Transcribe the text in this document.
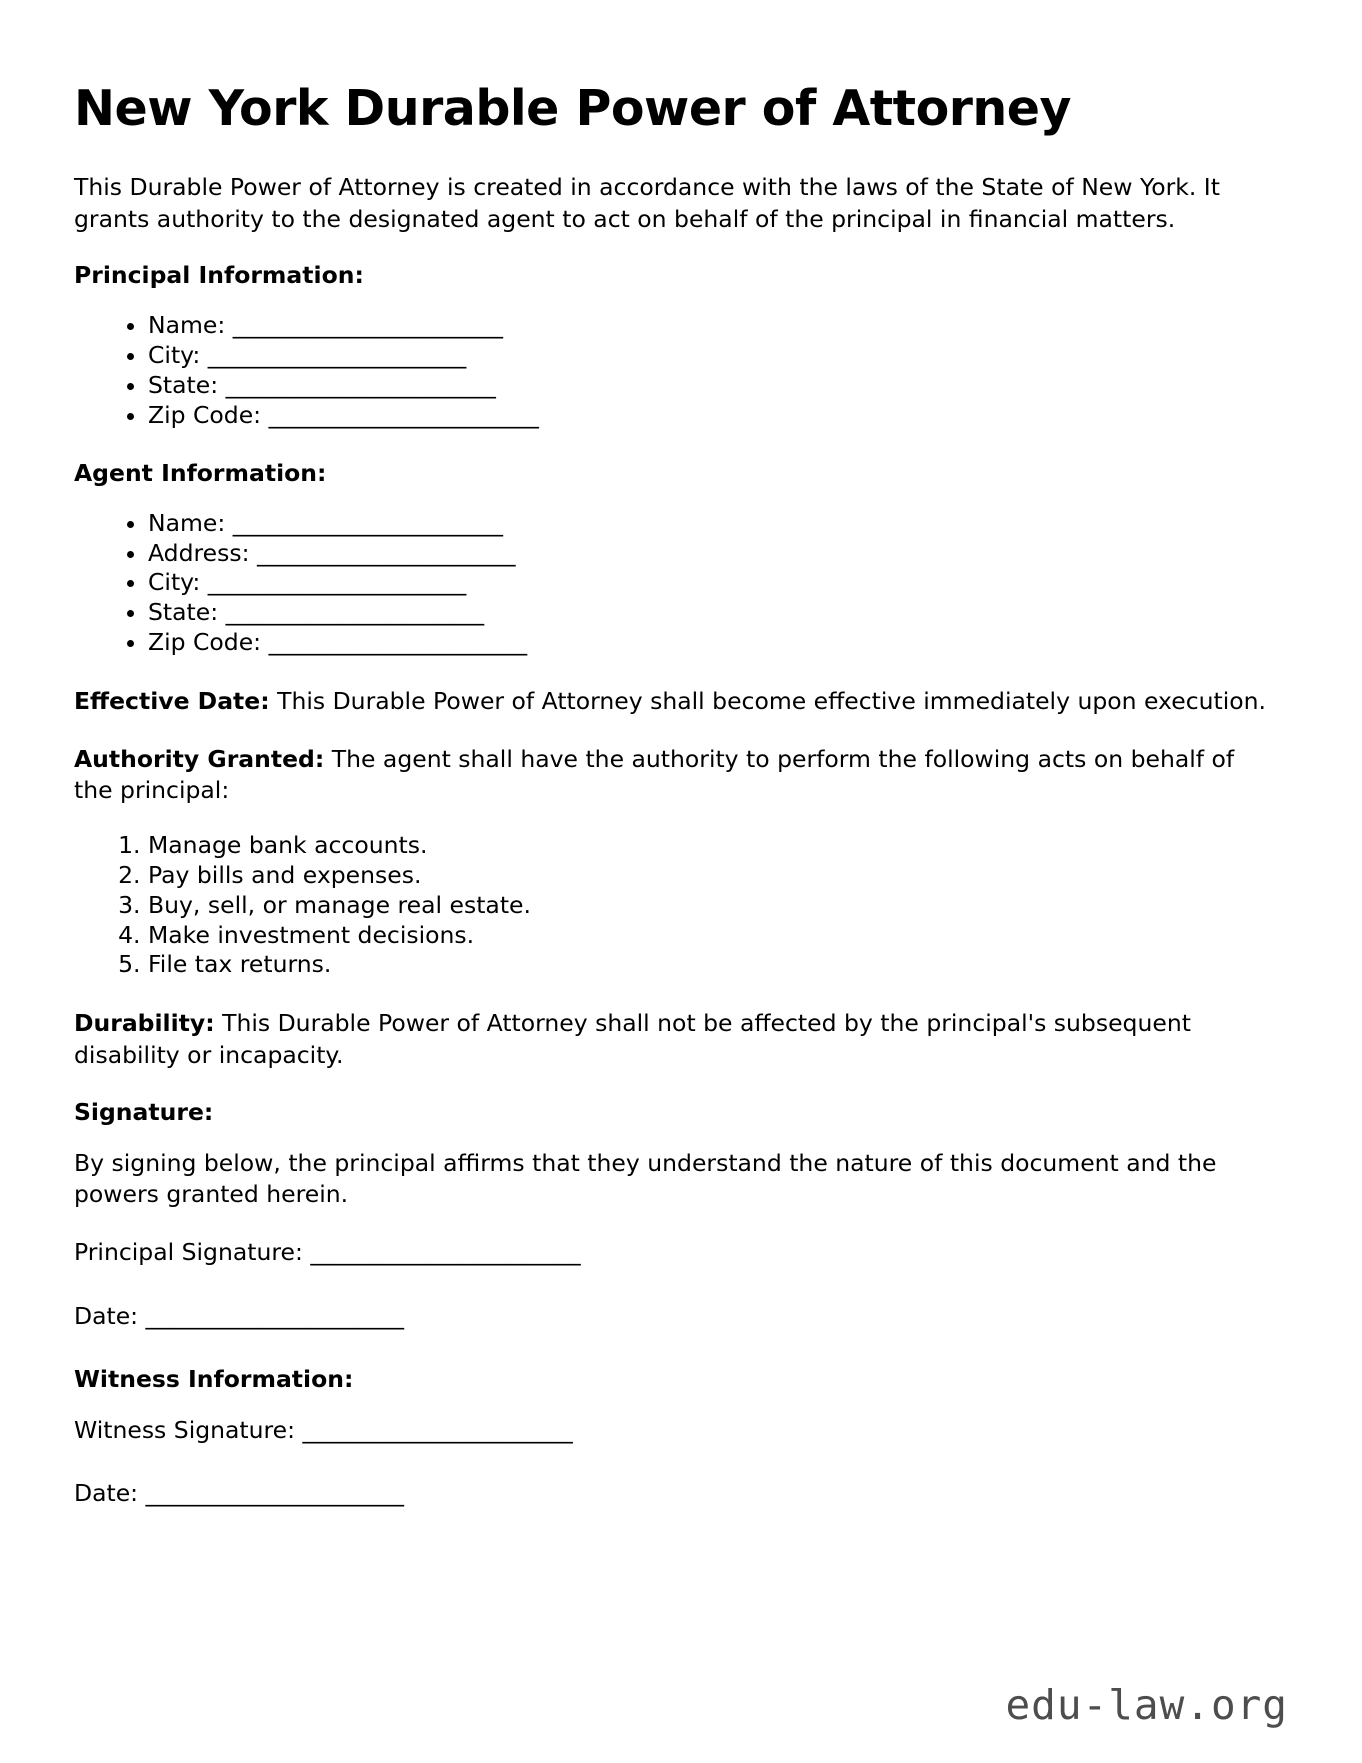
New York Durable Power of Attorney

This Durable Power of Attorney is created in accordance with the laws of the State of New York. It grants authority to the designated agent to act on behalf of the principal in financial matters.

Principal Information:
• Name: _______________________
• City: ______________________
• State: _______________________
• Zip Code: _______________________
Agent Information:
• Name: _______________________
• Address: ______________________
• City: ______________________
• State: ______________________
• Zip Code: ______________________

Effective Date: This Durable Power of Attorney shall become effective immediately upon execution.

Authority Granted: The agent shall have the authority to perform the following acts on behalf of the principal:

1. Manage bank accounts.
2. Pay bills and expenses.
3. Buy, sell, or manage real estate.
4. Make investment decisions.
5. File tax returns.

Durability: This Durable Power of Attorney shall not be affected by the principal's subsequent disability or incapacity.

Signature:

By signing below, the principal affirms that they understand the nature of this document and the powers granted herein.

Principal Signature: _______________________
Date: ______________________
Witness Information:
Witness Signature: _______________________
Date: ______________________
edu-law.org
